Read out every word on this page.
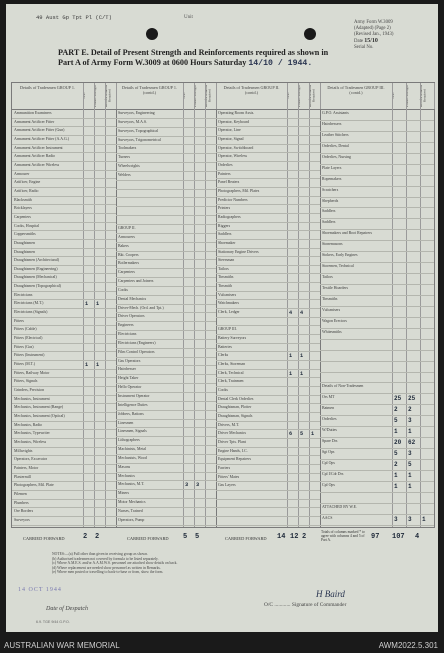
49 Aust Gp Tpt Pl (C/T)	Unit
Army Form W.3009
(Adapted) (Page 2)
(Revised Jan., 1943)
Date 15/10
Serial No.
PART E. Detail of Present Strength and Reinforcements required as shown in
Part A of Army Form W.3009 at 0600 Hours Saturday 14/10 / 1944.
Details of Tradesmen GROUP 1.
W.E.	Posted Strength	Reinforcements Required
Ammunition Examiners
Armament Artificer Fitter
Armament Artificer Fitter (Gun)
Armament Artificer Fitter (A.A.G.)
Armament Artificer Instrument
Armament Artificer Radio
Armament Artificer Wireless
Armourer
Artificer, Engine
Artificer, Radio
Blacksmith
Bricklayers
Carpenters
Cooks, Hospital
Coppersmiths
Draughtsmen
Draughtsmen
Draughtsmen (Architectural)
Draughtsmen (Engineering)
Draughtsmen (Mechanical)
Draughtsmen (Topographical)
Electricians
Electricians (M.T.)	1 1
Electricians (Signals)
Fitters
Fitters (Cable)
Fitters (Electrical)
Fitters (Gas)
Fitters (Instrument)
Fitters (M.T.)	1 1
Fitters, Railway Motor
Fitters, Signals
Grinders, Precision
Mechanics, Instrument
Mechanics, Instrument (Range)
Mechanics, Instrument (Optical)
Mechanics, Radio
Mechanics, Typewriter
Mechanics, Wireless
Millwrights
Operators, Excavator
Painters, Motor
Plastermill
Photographers, Mil. Plate
Pilemen
Plumbers
Ore Borders
Surveyors
Details of Tradesmen GROUP 1. (contd.)
W.E.	Posted Strength	Reinforcements Required
Surveyors, Engineering
Surveyors, M.A.S.
Surveyors, Topographical
Surveyors, Trigonometrical
Toolmakers
Turners
Wheelwrights
Welders
GROUP II.
Armourers
Bakers
Bkt. Coopers
Boilermakers
Carpenters
Carpenters and Joiners
Cooks
Dental Mechanics
Driver-Mech. (Ord. and Tpt.)
Driver Operators
Engineers
Electricians
Electricians (Engineers)
Film Control Operators
Gas Operators
Hairdresser
Height Taker
Hello Operator
Instrument Operator
Intelligence Duties
Jobbers, Rations
Linesmen
Linesmen, Signals
Lithographers
Machinists, Metal
Mechanists, Wood
Masons
Mechanics
Mechanics, M.T.	3 3
Miners
Motor Mechanics
Nurses, Trained
Operators, Pump
Details of Tradesmen GROUP II. (contd.)
W.E.	Posted Strength	Reinforcements Required
Operating Room Assts.
Operator, Keyboard
Operator, Line
Operator, Signal
Operator, Switchboard
Operator, Wireless
Orderlies
Painters
Panel Beaters
Photographers, Mil. Plates
Predictor Numbers
Printers
Radiographers
Riggers
Saddlers
Shoemaker
Stationary Engine Drivers
Steersman
Tailors
Tinsmiths
Tinsmith
Vulcanisers
Watchmakers
Clerk, Ledger	4 4
GROUP III.
Battery Surveyors
Batteries
Clerks	1 1
Clerks, Storeman
Clerk, Technical	1 1
Clerk, Trainmen
Cooks
Dental Clerk Orderlies
Draughtsman, Plotter
Draughtsman, Signals
Drivers, M.T.
Driver Mechanics	6 5 1
Driver Tpts. Plant
Engine Hands, I.C.
Equipment Repairers
Farriers
Fitters' Mates
Gas Layers
Details of Tradesmen GROUP III. (contd.)
W.E.	Posted Strength	Reinforcements Required
G.P.O. Assistants
Hairdressers
Leather Stitchers
Orderlies, Dental
Orderlies, Nursing
Plate Layers
Ropemakers
Scratchers
Shepherds
Saddlers
Saddlers
Shoemakers and Boot Repairers
Stonemasons
Stokers, Early Engines
Storemen, Technical
Tailors
Textile Hoarders
Tinsmiths
Vulcanisers
Wagon Erectors
Whitesmiths
Details of Non-Tradesmen
Ors MT	25 25
Batmen	2 2
Orderlies	5 3
W/Duties	1 1
Spare Drs	20 62
Sgt Ops	5 3
Cpl Ops	2 5
Cpl I/Cdr Drs	1 1
Cpl Ops	1 1
ATTACHED BY W.E.
AACS	3 3 1
CARRIED FORWARD	2 2	CARRIED FORWARD 5 5	CARRIED FORWARD 14 12 2
Totals of columns marked * to agree with columns 4 and 5 of Part A.	97 107 4
NOTES:—(a) Full other than given in receiving group as shown.
(b) Authorised tradesmen not covered by formula to be listed separately.
(c) Where A.M.E.S. and/or A.A.M.W.S. personnel are attached show details on back.
(d) Where replacement are needed show personnel as written in Remarks.
(e) Where men posted or travelling to back-to-base or from, show the form.
14 OCT 1944
Date of Despatch
H Baird
O/C ............ Signature of Commander
6.9. TGE 9/44 G.P.O.
AUSTRALIAN WAR MEMORIAL	AWM2022.5.301
